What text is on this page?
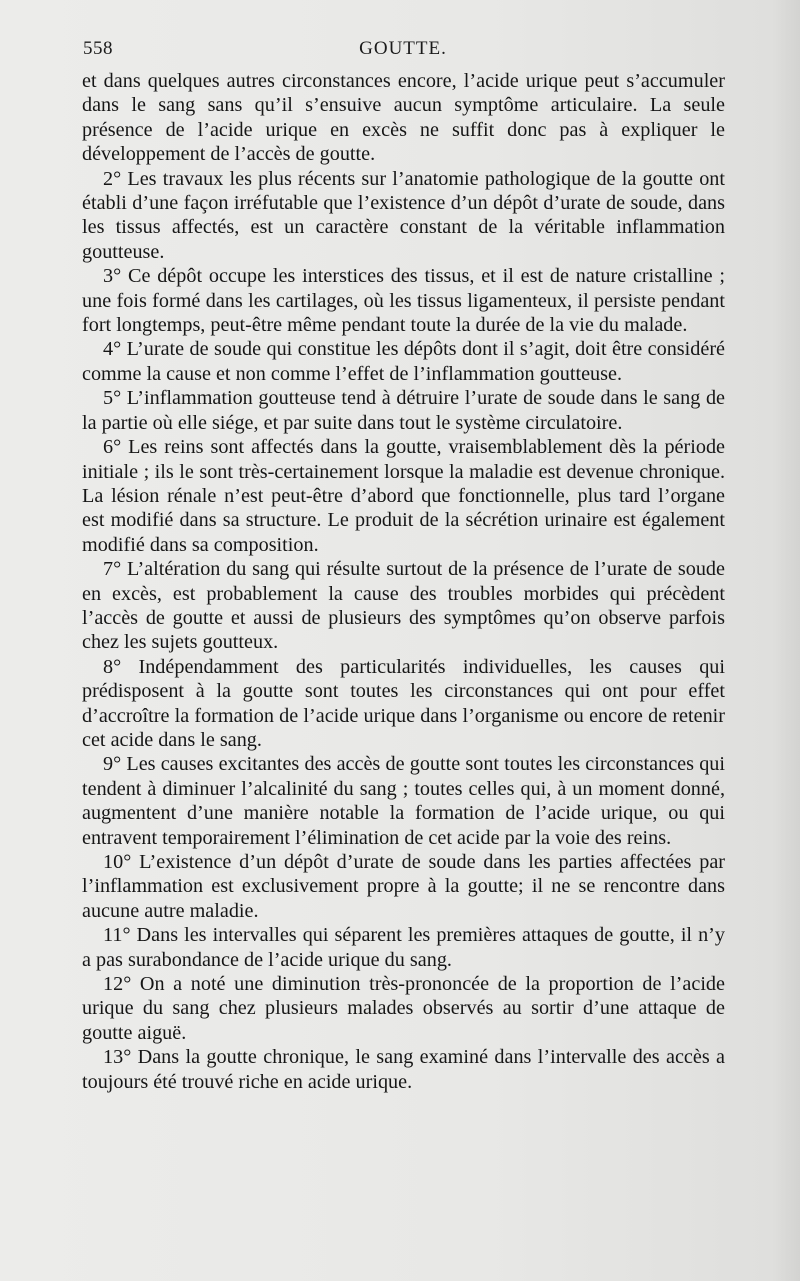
558	GOUTTE.

et dans quelques autres circonstances encore, l’acide urique peut s’accumuler dans le sang sans qu’il s’ensuive aucun symptôme articulaire. La seule présence de l’acide urique en excès ne suffit donc pas à expliquer le développement de l’accès de goutte.

2° Les travaux les plus récents sur l’anatomie pathologique de la goutte ont établi d’une façon irréfutable que l’existence d’un dépôt d’urate de soude, dans les tissus affectés, est un caractère constant de la véritable inflammation goutteuse.

3° Ce dépôt occupe les interstices des tissus, et il est de nature cristalline ; une fois formé dans les cartilages, où les tissus ligamenteux, il persiste pendant fort longtemps, peut-être même pendant toute la durée de la vie du malade.

4° L’urate de soude qui constitue les dépôts dont il s’agit, doit être considéré comme la cause et non comme l’effet de l’inflammation goutteuse.

5° L’inflammation goutteuse tend à détruire l’urate de soude dans le sang de la partie où elle siége, et par suite dans tout le système circulatoire.

6° Les reins sont affectés dans la goutte, vraisemblablement dès la période initiale ; ils le sont très-certainement lorsque la maladie est devenue chronique. La lésion rénale n’est peut-être d’abord que fonctionnelle, plus tard l’organe est modifié dans sa structure. Le produit de la sécrétion urinaire est également modifié dans sa composition.

7° L’altération du sang qui résulte surtout de la présence de l’urate de soude en excès, est probablement la cause des troubles morbides qui précèdent l’accès de goutte et aussi de plusieurs des symptômes qu’on observe parfois chez les sujets goutteux.

8° Indépendamment des particularités individuelles, les causes qui prédisposent à la goutte sont toutes les circonstances qui ont pour effet d’accroître la formation de l’acide urique dans l’organisme ou encore de retenir cet acide dans le sang.

9° Les causes excitantes des accès de goutte sont toutes les circonstances qui tendent à diminuer l’alcalinité du sang ; toutes celles qui, à un moment donné, augmentent d’une manière notable la formation de l’acide urique, ou qui entravent temporairement l’élimination de cet acide par la voie des reins.

10° L’existence d’un dépôt d’urate de soude dans les parties affectées par l’inflammation est exclusivement propre à la goutte; il ne se rencontre dans aucune autre maladie.

11° Dans les intervalles qui séparent les premières attaques de goutte, il n’y a pas surabondance de l’acide urique du sang.

12° On a noté une diminution très-prononcée de la proportion de l’acide urique du sang chez plusieurs malades observés au sortir d’une attaque de goutte aiguë.

13° Dans la goutte chronique, le sang examiné dans l’intervalle des accès a toujours été trouvé riche en acide urique.
